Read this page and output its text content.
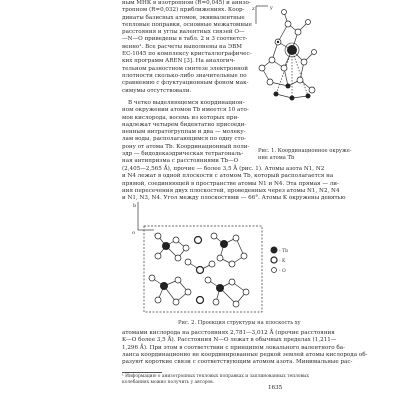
ным МНК в изотропном (R=0,045) и анизо-
тропном (R=0,032) приближениях. Коор-
динаты базисных атомов, эквивалентные
тепловые поправки, основные межатомные
расстояния и углы валентных связей О—
—N—O приведены в табл. 2 и 3 соответст-
венно¹. Все расчеты выполнены на ЭВМ
ЕС-1045 по комплексу кристаллографичес-
ких программ AREN [3]. На аналогич-
тельном разностном синтезе электронной
плотности сколько-либо значительные по
сравнению с флуктуационным фоном мак-
симумы отсутствовали.
В четко выделяющемся координацион-
ном окружении атомов Tb имеется 10 ато-
мов кислорода, восемь из которых при-
надлежат четырем бидентатно присоеди-
ненным нитратогруппам и два — молеку-
лам воды, располагающимся по одну сто-
рону от атома Tb. Координационный поли-
эдр — бидодекаэдрическая тетрагональ-
ная антипризма с расстояниями Tb—O
(2,405—2,565 Å), прочие — более 3,5 Å (рис. 1). Атомы азота N1, N2
и N4 лежат в одной плоскости с атомом Tb, который располагается на
прямой, соединяющей в пространстве атомы N1 и N4. Эта прямая — ли-
ния пересечения двух плоскостей, проведенных через атомы N1, N2, N4
и N1, N3, N4. Угол между плоскостями — 66°. Атомы K окружены девятью
z	y
Рис. 1. Координационное окруже-
ние атома Tb
b
o
- Tb
- K
- O
Рис. 2. Проекция структуры на плоскость xy
атомами кислорода на расстояниях 2,781—3,012 Å (прочие расстояния
K—O более 3,5 Å). Расстояния N—O лежат в обычных пределах (1,211—
1,296 Å). При этом в соответствии с принципом локального валентного ба-
ланса координационно не координированные редкой землей атомы кислорода об-
разуют короткие связи с соответствующим атомом азота. Минимальные рас-
¹ Информацию о анизотропных тепловых поправках и заплинованных тепловых
колебаниях можно получить у авторов.
1635
